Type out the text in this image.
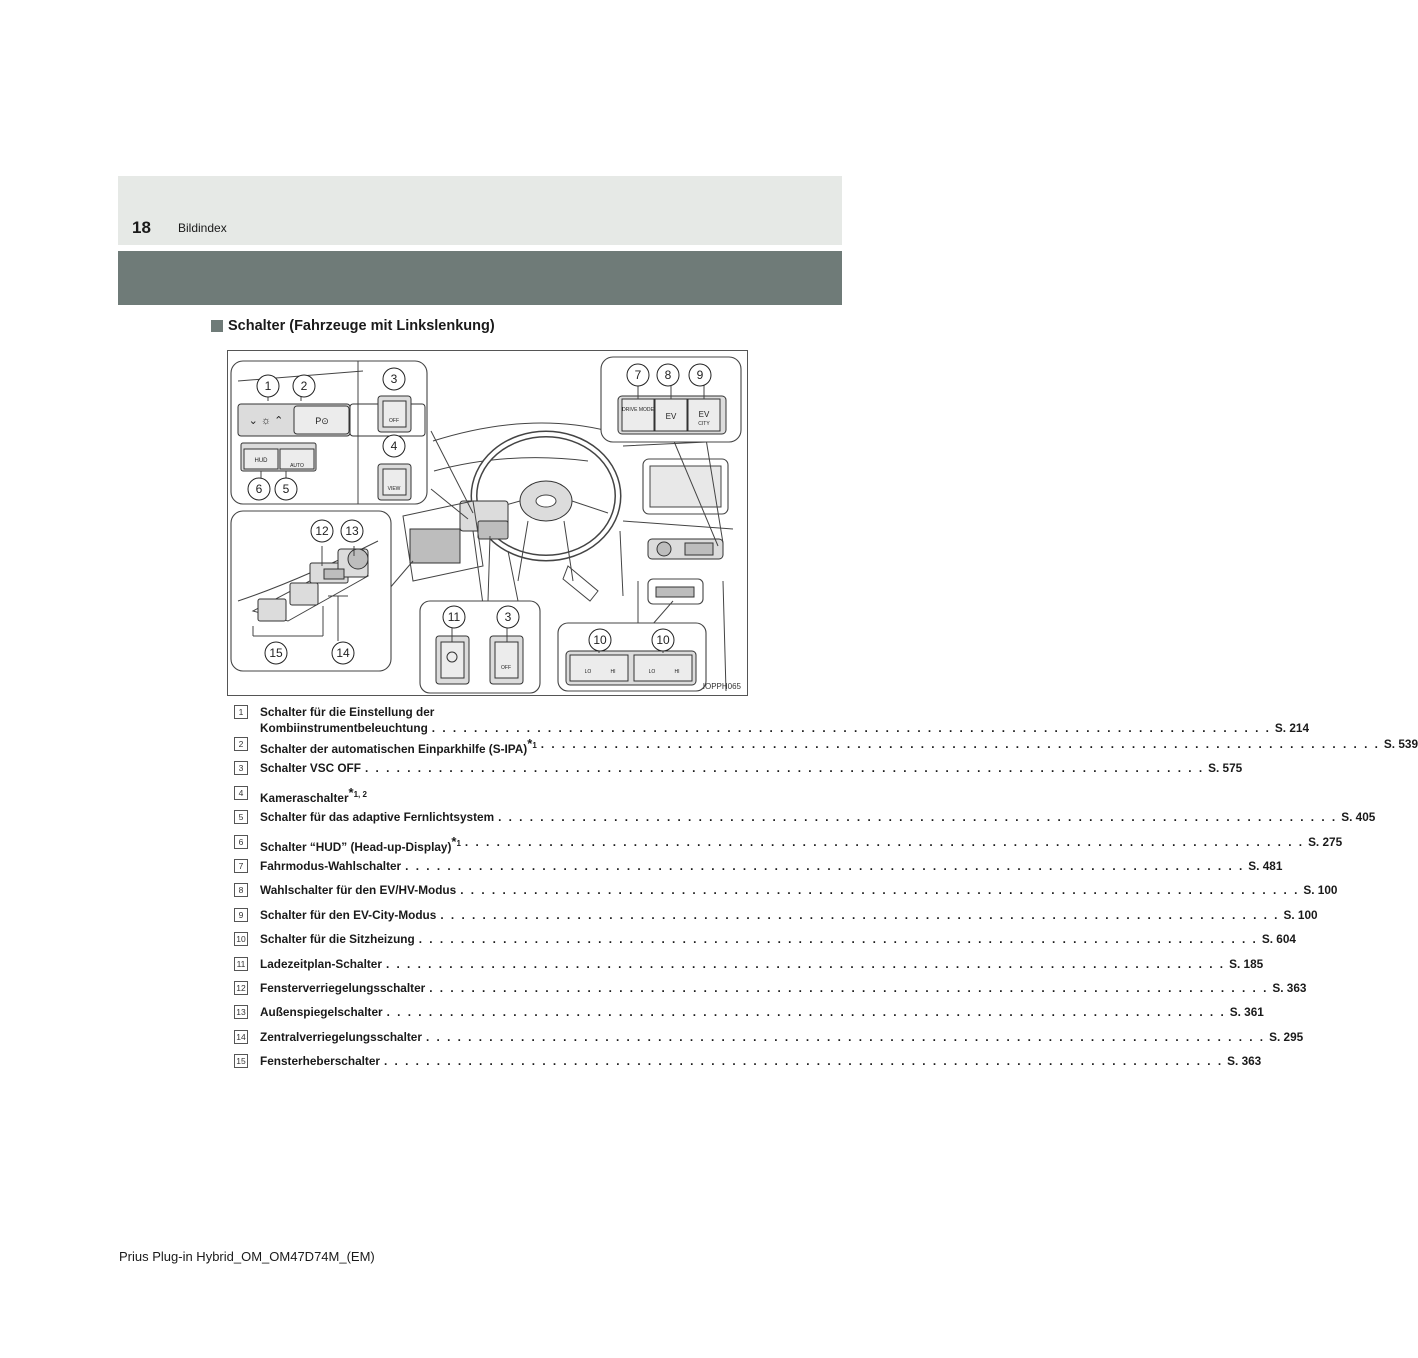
18 Bildindex
Schalter (Fahrzeuge mit Linkslenkung)
⌄ ☼ ⌃	P⊙
HUD
AUTO
OFF
VIEW
DRIVE MODE
EV	EV
CITY
OFF
LO	HI	LO	HI
1 2	3
4
6 5
7 8 9
12 13
15	14
11	3
10	10
IOPPH065
1	Schalter für die Einstellung der
Kombiinstrumentbeleuchtung . . .	S. 214
2	Schalter der automatischen Einparkhilfe $(S-IPA)^{*1}$ . . .	S. 539
3	Schalter VSC OFF . . .	S. 575
4	Kameraschalter$^{*1, 2}$
5	Schalter für das adaptive Fernlichtsystem . . .	S. 405
6	Schalter “HUD” (Head-up-Display)$^{*1}$ . . .	S. 275
7	Fahrmodus-Wahlschalter . . .	S. 481
8	Wahlschalter für den EV/HV-Modus . . .	S. 100
9	Schalter für den EV-City-Modus . . .	S. 100
10 Schalter für die Sitzheizung . . .	S. 604
11 Ladezeitplan-Schalter . . .	S. 185
12 Fensterverriegelungsschalter . . .	S. 363
13 Außenspiegelschalter . . .	S. 361
14 Zentralverriegelungsschalter . . .	S. 295
15 Fensterheberschalter . . .	S. 363
Prius Plug-in Hybrid_OM_OM47D74M_(EM)
